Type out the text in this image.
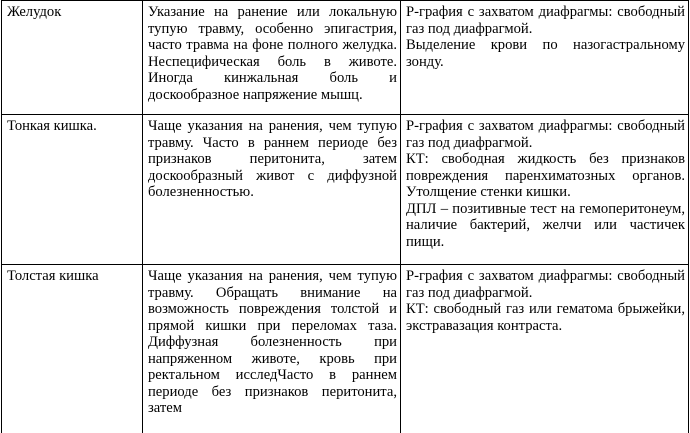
Желудок	Указание на ранение или локальную тупую травму, особенно эпигастрия, часто травма на фоне полного желудка. Неспецифическая боль в животе. Иногда кинжальная боль и доскообразное напряжение мышц.	Р-графия с захватом диафрагмы: свободный газ под диафрагмой.
Выделение крови по назогастральному зонду.

Тонкая кишка.	Чаще указания на ранения, чем тупую травму. Часто в раннем периоде без признаков перитонита, затем доскообразный живот с диффузной болезненностью.	Р-графия с захватом диафрагмы: свободный газ под диафрагмой.
КТ: свободная жидкость без признаков повреждения паренхиматозных органов. Утолщение стенки кишки.
ДПЛ – позитивные тест на гемоперитонеум, наличие бактерий, желчи или частичек пищи.

Толстая кишка	Чаще указания на ранения, чем тупую травму. Обращать внимание на возможность повреждения толстой и прямой кишки при переломах таза. Диффузная болезненность при напряженном животе, кровь при ректальном исследЧасто в раннем периоде без признаков перитонита, затем	Р-графия с захватом диафрагмы: свободный газ под диафрагмой.
КТ: свободный газ или гематома брыжейки, экстравазация контраста.
